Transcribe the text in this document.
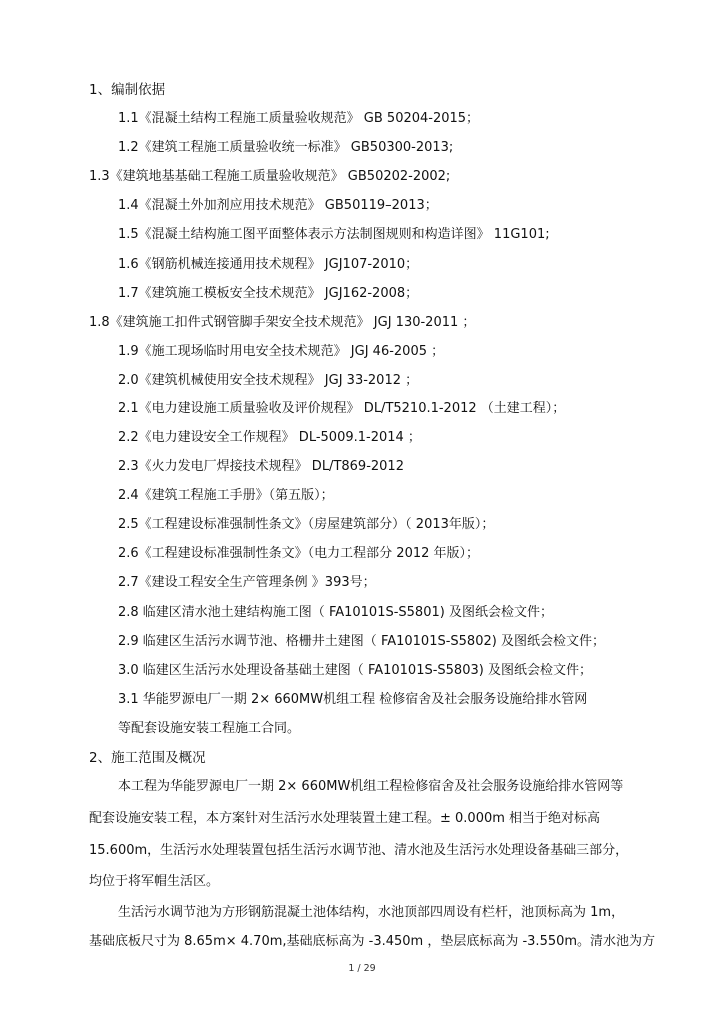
1、编制依据
1.1《混凝土结构工程施工质量验收规范》 GB 50204-2015；
1.2《建筑工程施工质量验收统一标准》 GB50300-2013;
1.3《建筑地基基础工程施工质量验收规范》 GB50202-2002;
1.4《混凝土外加剂应用技术规范》 GB50119–2013；
1.5《混凝土结构施工图平面整体表示方法制图规则和构造详图》 11G101;
1.6《钢筋机械连接通用技术规程》 JGJ107-2010；
1.7《建筑施工模板安全技术规范》 JGJ162-2008；
1.8《建筑施工扣件式钢管脚手架安全技术规范》 JGJ 130-2011 ；
1.9《施工现场临时用电安全技术规范》 JGJ 46-2005 ；
2.0《建筑机械使用安全技术规程》 JGJ 33-2012 ；
2.1《电力建设施工质量验收及评价规程》 DL/T5210.1-2012 （土建工程）；
2.2《电力建设安全工作规程》 DL-5009.1-2014 ；
2.3《火力发电厂焊接技术规程》 DL/T869-2012
2.4《建筑工程施工手册》（第五版）；
2.5《工程建设标准强制性条文》（房屋建筑部分）（ 2013年版）；
2.6《工程建设标准强制性条文》（电力工程部分 2012 年版）；
2.7《建设工程安全生产管理条例 》393号；
2.8 临建区清水池土建结构施工图（ FA10101S-S5801) 及图纸会检文件；
2.9 临建区生活污水调节池、格栅井土建图（ FA10101S-S5802) 及图纸会检文件；
3.0 临建区生活污水处理设备基础土建图（ FA10101S-S5803) 及图纸会检文件；
3.1 华能罗源电厂一期 2× 660MW机组工程 检修宿舍及社会服务设施给排水管网
等配套设施安装工程施工合同。
2、施工范围及概况
本工程为华能罗源电厂一期 2× 660MW机组工程检修宿舍及社会服务设施给排水管网等
配套设施安装工程，本方案针对生活污水处理装置土建工程。± 0.000m 相当于绝对标高
15.600m，生活污水处理装置包括生活污水调节池、清水池及生活污水处理设备基础三部分，
均位于将军帽生活区。
生活污水调节池为方形钢筋混凝土池体结构，水池顶部四周设有栏杆，池顶标高为 1m，
基础底板尺寸为 8.65m× 4.70m,基础底标高为 -3.450m ，垫层底标高为 -3.550m。清水池为方
1 / 29
